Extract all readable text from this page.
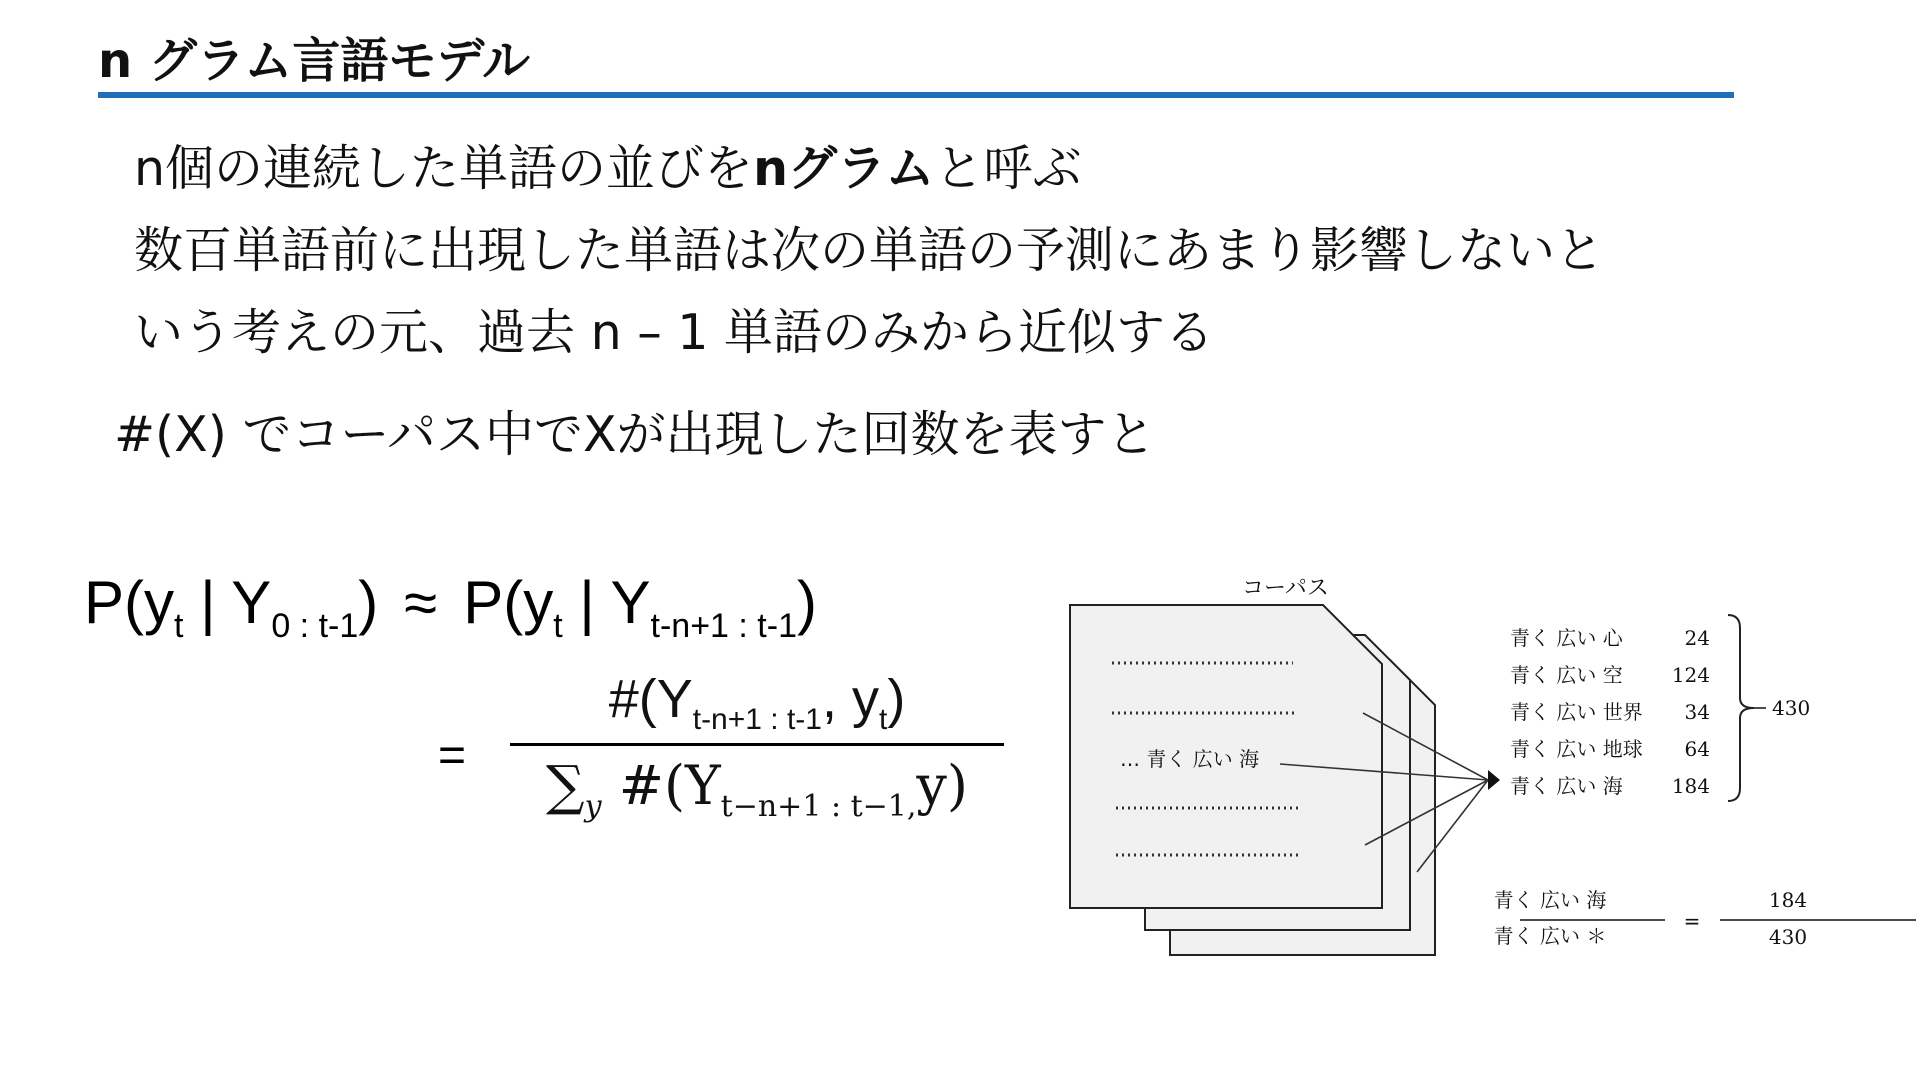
n グラム言語モデル
n個の連続した単語の並びをnグラムと呼ぶ
数百単語前に出現した単語は次の単語の予測にあまり影響しないと
いう考えの元、過去 n – 1 単語のみから近似する
#(X) でコーパス中でXが出現した回数を表すと
$P(y_t$ | $Y_{0 : t-1}) \approx P(y_t$ | $Y_{t-n+1 : t-1}$)
=
$\#(Y_{t-n+1 : t-1}$, $y_t$)
$\sum_y$ $\#(Y_{t-n+1 : t-1,}y)$
コーパス
… 青く 広い 海
青く 広い 心	24
青く 広い 空 124
青く 広い 世界 34
青く 広い 地球 64
青く 広い 海 184
430
青く 広い 海
青く 広い ＊
=
184
430
